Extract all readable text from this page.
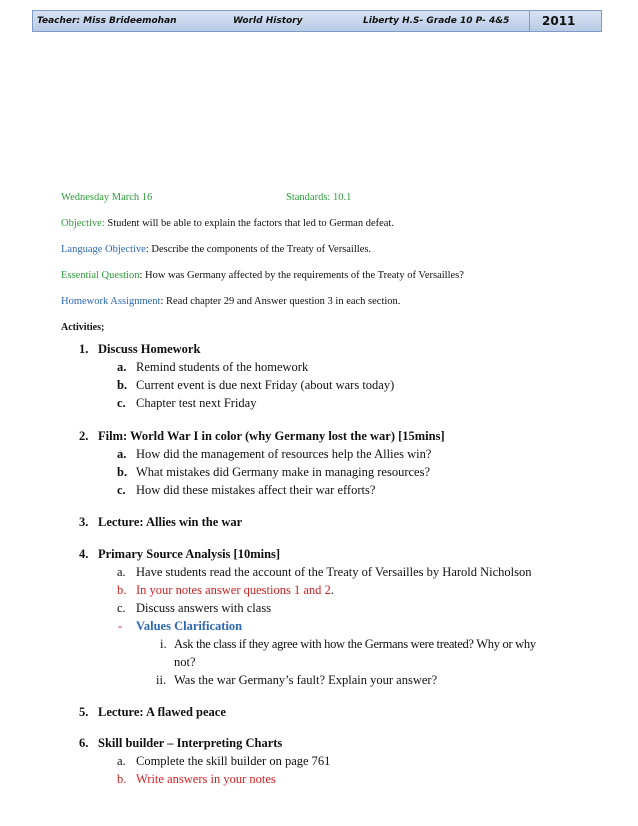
Teacher: Miss Brideemohan	World History	Liberty H.S- Grade 10 P- 4&5	2011
Wednesday March 16	Standards: 10.1
Objective: Student will be able to explain the factors that led to German defeat.
Language Objective: Describe the components of the Treaty of Versailles.
Essential Question: How was Germany affected by the requirements of the Treaty of Versailles?
Homework Assignment: Read chapter 29 and Answer question 3 in each section.
Activities;
1. Discuss Homework
a. Remind students of the homework
b. Current event is due next Friday (about wars today)
c. Chapter test next Friday
2. Film: World War I in color (why Germany lost the war) [15mins]
a. How did the management of resources help the Allies win?
b. What mistakes did Germany make in managing resources?
c. How did these mistakes affect their war efforts?
3. Lecture: Allies win the war
4. Primary Source Analysis [10mins]
a. Have students read the account of the Treaty of Versailles by Harold Nicholson
b. In your notes answer questions 1 and 2.
c. Discuss answers with class
- Values Clarification
i. Ask the class if they agree with how the Germans were treated? Why or why
not?
ii. Was the war Germany’s fault? Explain your answer?
5. Lecture: A flawed peace
6. Skill builder – Interpreting Charts
a. Complete the skill builder on page 761
b. Write answers in your notes
